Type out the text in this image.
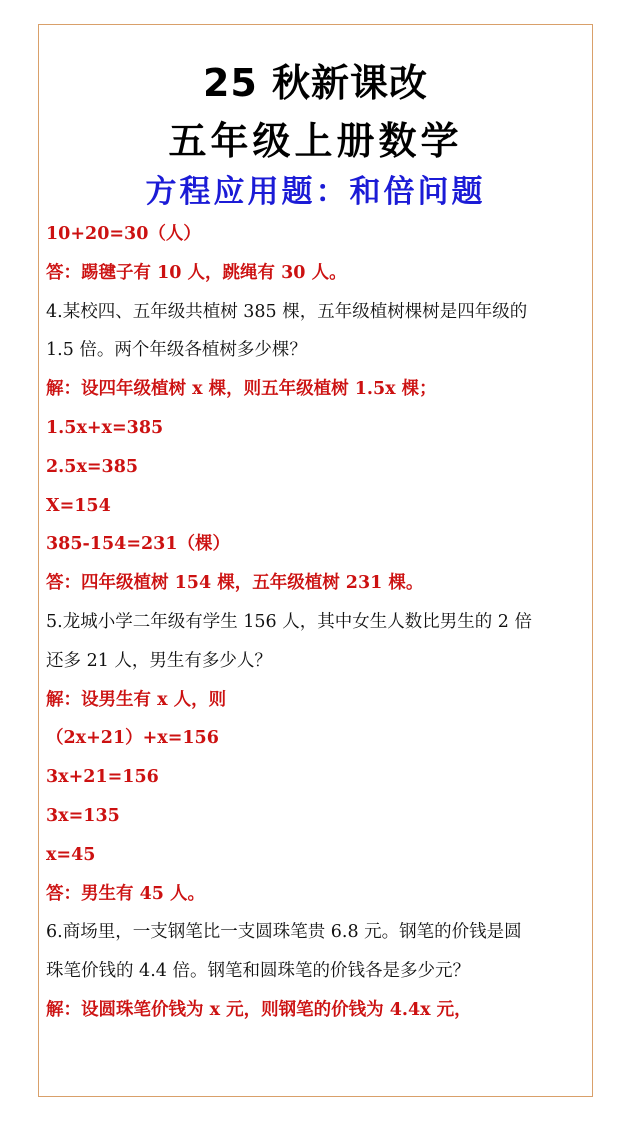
25 秋新课改
五年级上册数学
方程应用题：和倍问题
10+20=30（人）
答：踢毽子有 10 人，跳绳有 30 人。
4.某校四、五年级共植树 385 棵，五年级植树棵树是四年级的
1.5 倍。两个年级各植树多少棵？
解：设四年级植树 x 棵，则五年级植树 1.5x 棵；
1.5x+x=385
2.5x=385
X=154
385-154=231（棵）
答：四年级植树 154 棵，五年级植树 231 棵。
5.龙城小学二年级有学生 156 人，其中女生人数比男生的 2 倍
还多 21 人，男生有多少人？
解：设男生有 x 人，则
（2x+21）+x=156
3x+21=156
3x=135
x=45
答：男生有 45 人。
6.商场里，一支钢笔比一支圆珠笔贵 6.8 元。钢笔的价钱是圆
珠笔价钱的 4.4 倍。钢笔和圆珠笔的价钱各是多少元？
解：设圆珠笔价钱为 x 元，则钢笔的价钱为 4.4x 元，
